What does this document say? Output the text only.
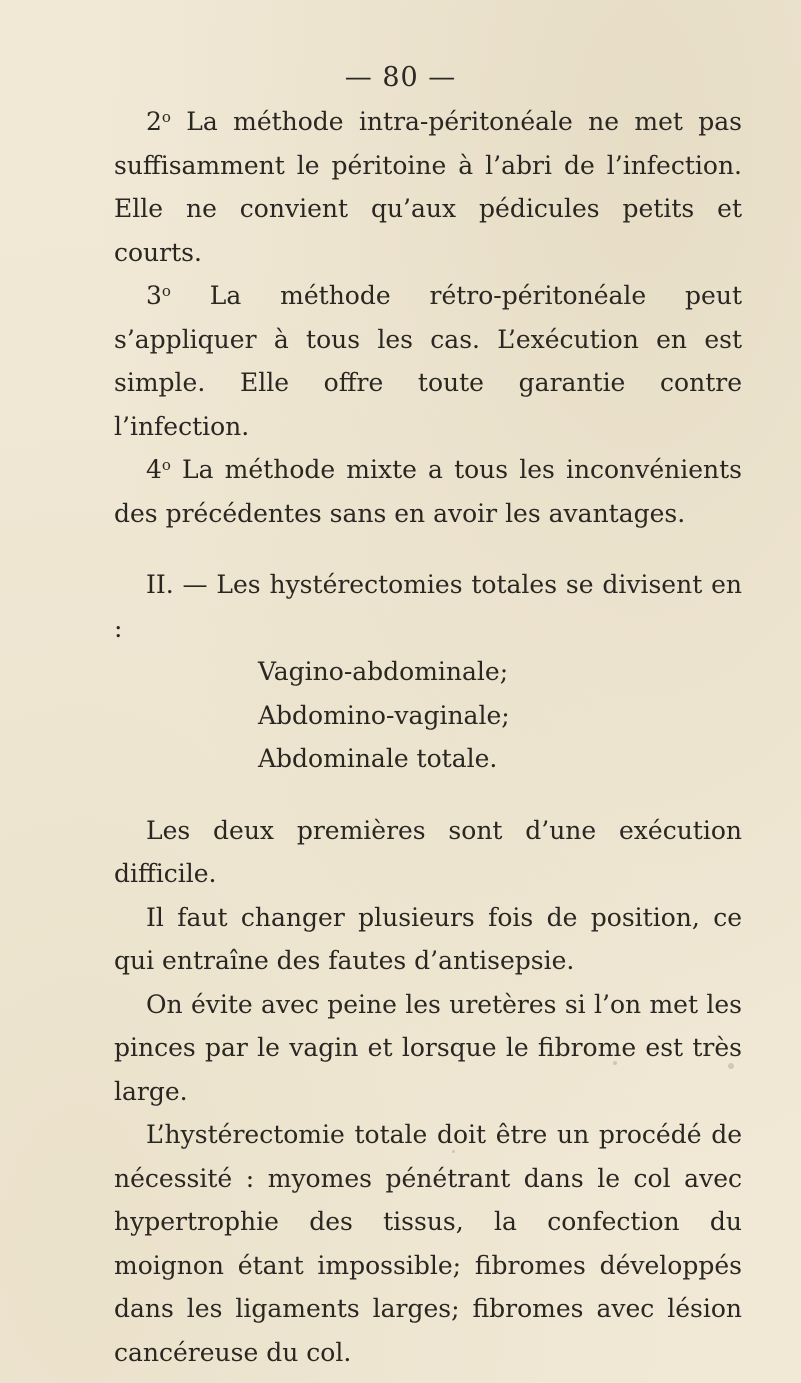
— 80 —

2$^o$ La méthode intra-péritonéale ne met pas suffisamment le péritoine à l’abri de l’infection. Elle ne convient qu’aux pédicules petits et courts.

3$^o$ La méthode rétro-péritonéale peut s’appliquer à tous les cas. L’exécution en est simple. Elle offre toute garantie contre l’infection.

4$^o$ La méthode mixte a tous les inconvénients des précédentes sans en avoir les avantages.

II. — Les hystérectomies totales se divisent en :

Vagino-abdominale;

Abdomino-vaginale;

Abdominale totale.

Les deux premières sont d’une exécution difficile.

Il faut changer plusieurs fois de position, ce qui entraîne des fautes d’antisepsie.

On évite avec peine les uretères si l’on met les pinces par le vagin et lorsque le fibrome est très large.

L’hystérectomie totale doit être un procédé de nécessité : myomes pénétrant dans le col avec hypertrophie des tissus, la confection du moignon étant impossible; fibromes développés dans les ligaments larges; fibromes avec lésion cancéreuse du col.
